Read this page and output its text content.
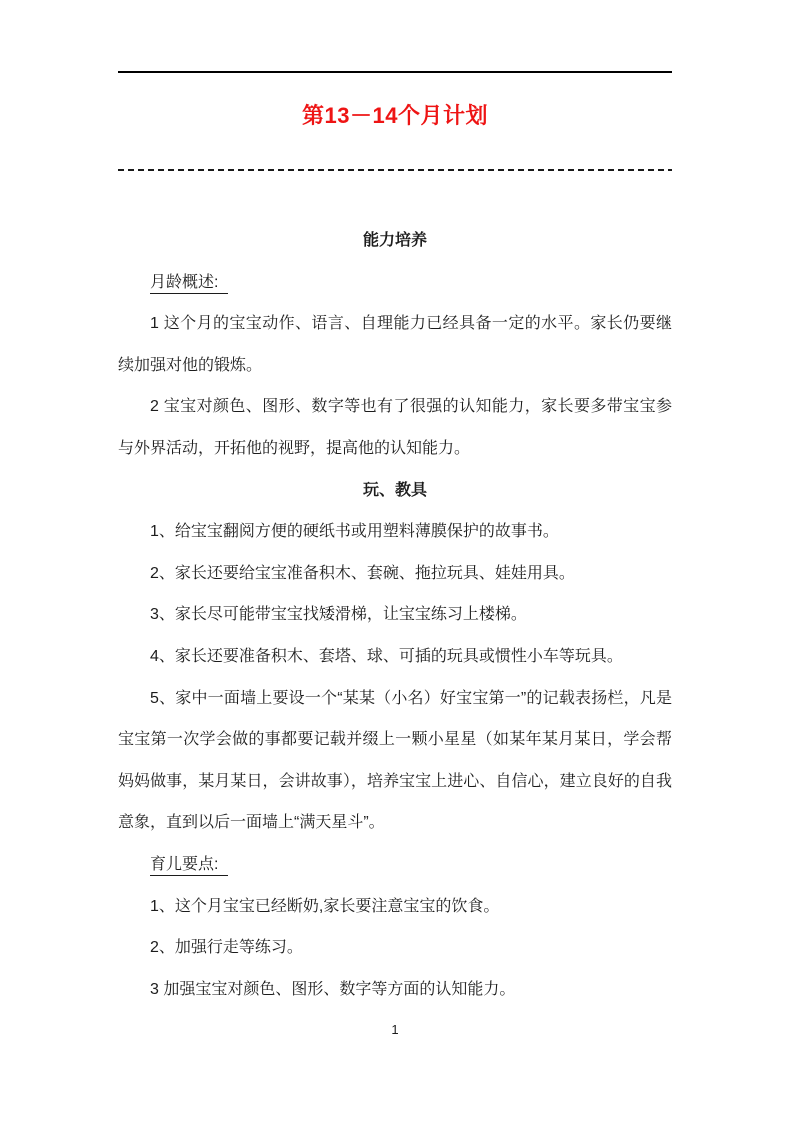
第13－14个月计划
能力培养

月龄概述:

1 这个月的宝宝动作、语言、自理能力已经具备一定的水平。家长仍要继续加强对他的锻炼。

2 宝宝对颜色、图形、数字等也有了很强的认知能力，家长要多带宝宝参与外界活动，开拓他的视野，提高他的认知能力。

玩、教具

1、给宝宝翻阅方便的硬纸书或用塑料薄膜保护的故事书。

2、家长还要给宝宝准备积木、套碗、拖拉玩具、娃娃用具。

3、家长尽可能带宝宝找矮滑梯，让宝宝练习上楼梯。

4、家长还要准备积木、套塔、球、可插的玩具或惯性小车等玩具。

5、家中一面墙上要设一个“某某（小名）好宝宝第一”的记载表扬栏，凡是宝宝第一次学会做的事都要记载并缀上一颗小星星（如某年某月某日，学会帮妈妈做事，某月某日，会讲故事），培养宝宝上进心、自信心，建立良好的自我意象，直到以后一面墙上“满天星斗”。

育儿要点:

1、这个月宝宝已经断奶,家长要注意宝宝的饮食。

2、加强行走等练习。

3 加强宝宝对颜色、图形、数字等方面的认知能力。

1
